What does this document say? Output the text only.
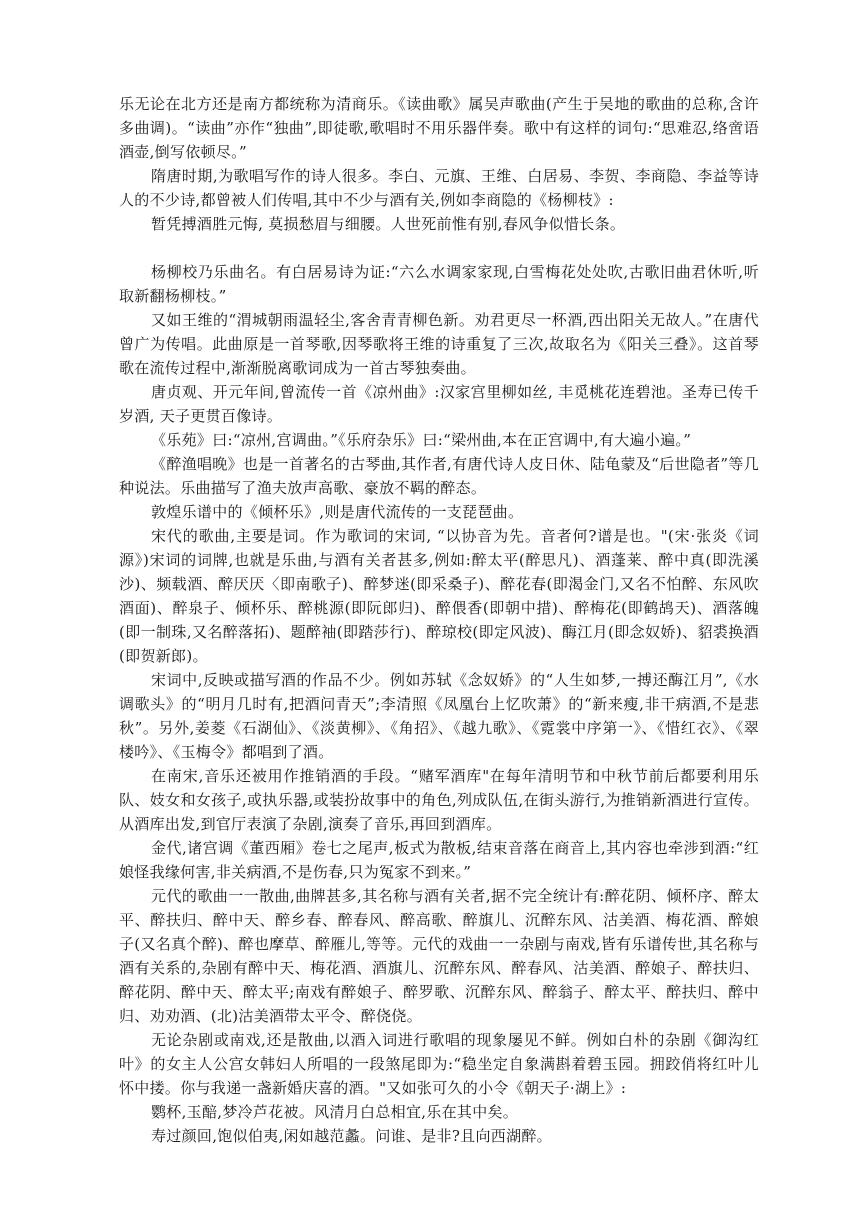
乐无论在北方还是南方都统称为清商乐。《读曲歌》属吴声歌曲(产生于吴地的歌曲的总称,含许多曲调)。“读曲”亦作“独曲”,即徒歌,歌唱时不用乐器伴奏。歌中有这样的词句:“思难忍,络啻语酒壶,倒写依顿尽。”

隋唐时期,为歌唱写作的诗人很多。李白、元旗、王维、白居易、李贺、李商隐、李益等诗人的不少诗,都曾被人们传唱,其中不少与酒有关,例如李商隐的《杨柳枝》:

暂凭搏酒胜元悔, 莫损愁眉与细腰。人世死前惟有别,春风争似惜长条。

杨柳校乃乐曲名。有白居易诗为证:“六么水调家家现,白雪梅花处处吹,古歌旧曲君休听,听取新翻杨柳枝。”

又如王维的“渭城朝雨温轻尘,客舍青青柳色新。劝君更尽一杯酒,西出阳关无故人。”在唐代曾广为传唱。此曲原是一首琴歌,因琴歌将王维的诗重复了三次,故取名为《阳关三叠》。这首琴歌在流传过程中,渐渐脱离歌词成为一首古琴独奏曲。

唐贞观、开元年间,曾流传一首《凉州曲》:汉家宫里柳如丝, 丰觅桃花连碧池。圣寿已传千岁酒, 天子更贯百像诗。

《乐苑》曰:“凉州,宫调曲。”《乐府杂乐》曰:“梁州曲,本在正宫调中,有大遍小遍。”

《醉渔唱晚》也是一首著名的古琴曲,其作者,有唐代诗人皮日休、陆龟蒙及“后世隐者”等几种说法。乐曲描写了渔夫放声高歌、豪放不羁的醉态。

敦煌乐谱中的《倾杯乐》,则是唐代流传的一支琵琶曲。

宋代的歌曲,主要是词。作为歌词的宋词, “以协音为先。音者何?谱是也。"(宋·张炎《词源》)宋词的词牌,也就是乐曲,与酒有关者甚多,例如:醉太平(醉思凡)、酒蓬莱、醉中真(即洗溪沙)、频载酒、醉厌厌〈即南歌子)、醉梦迷(即采桑子)、醉花春(即渴金门,又名不怕醉、东风吹酒面)、醉泉子、倾杯乐、醉桃源(即阮郎归)、醉偎香(即朝中措)、醉梅花(即鹤鸪天)、酒落魄(即一制珠,又名醉落拓)、题醉袖(即踏莎行)、醉琼校(即定风波)、酶江月(即念奴娇)、貂裘换酒(即贺新郎)。

宋词中,反映或描写酒的作品不少。例如苏轼《念奴娇》的“人生如梦,一搏还酶江月”,《水调歌头》的“明月几时有,把酒问青天”;李清照《凤凰台上忆吹萧》的“新来瘦,非干病酒,不是悲秋”。另外,姜菱《石湖仙》、《淡黄柳》、《角招》、《越九歌》、《霓裳中序第一》、《惜红衣》、《翠楼吟》、《玉梅令》都唱到了酒。

在南宋,音乐还被用作推销酒的手段。“赌军酒库"在每年清明节和中秋节前后都要利用乐队、妓女和女孩子,或执乐器,或装扮故事中的角色,列成队伍,在街头游行,为推销新酒进行宣传。从酒库出发,到官厅表演了杂剧,演奏了音乐,再回到酒库。

金代,诸宫调《董西厢》卷七之尾声,板式为散板,结束音落在商音上,其内容也牵涉到酒:“红娘怪我缘何害,非关病酒,不是伤春,只为冤家不到来。”

元代的歌曲一一散曲,曲牌甚多,其名称与酒有关者,据不完全统计有:醉花阴、倾杯序、醉太平、醉扶归、醉中天、醉乡春、醉春风、醉高歌、醉旗儿、沉醉东风、沽美酒、梅花酒、醉娘子(又名真个醉)、醉也摩草、醉雁儿,等等。元代的戏曲一一杂剧与南戏,皆有乐谱传世,其名称与酒有关系的,杂剧有醉中天、梅花酒、酒旗儿、沉醉东风、醉春风、沽美酒、醉娘子、醉扶归、醉花阴、醉中天、醉太平;南戏有醉娘子、醉罗歌、沉醉东风、醉翁子、醉太平、醉扶归、醉中归、劝劝酒、(北)沽美酒带太平令、醉侥侥。

无论杂剧或南戏,还是散曲,以酒入词进行歌唱的现象屡见不鲜。例如白朴的杂剧《御沟红叶》的女主人公宫女韩妇人所唱的一段煞尾即为:“稳坐定自象满斟着碧玉园。拥跤俏将红叶儿怀中搂。你与我递一盏新婚庆喜的酒。"又如张可久的小令《朝天子·湖上》:

鹦杯,玉醅,梦冷芦花被。风清月白总相宜,乐在其中矣。

寿过颜回,饱似伯夷,闲如越范蠡。问谁、是非?且向西湖醉。
